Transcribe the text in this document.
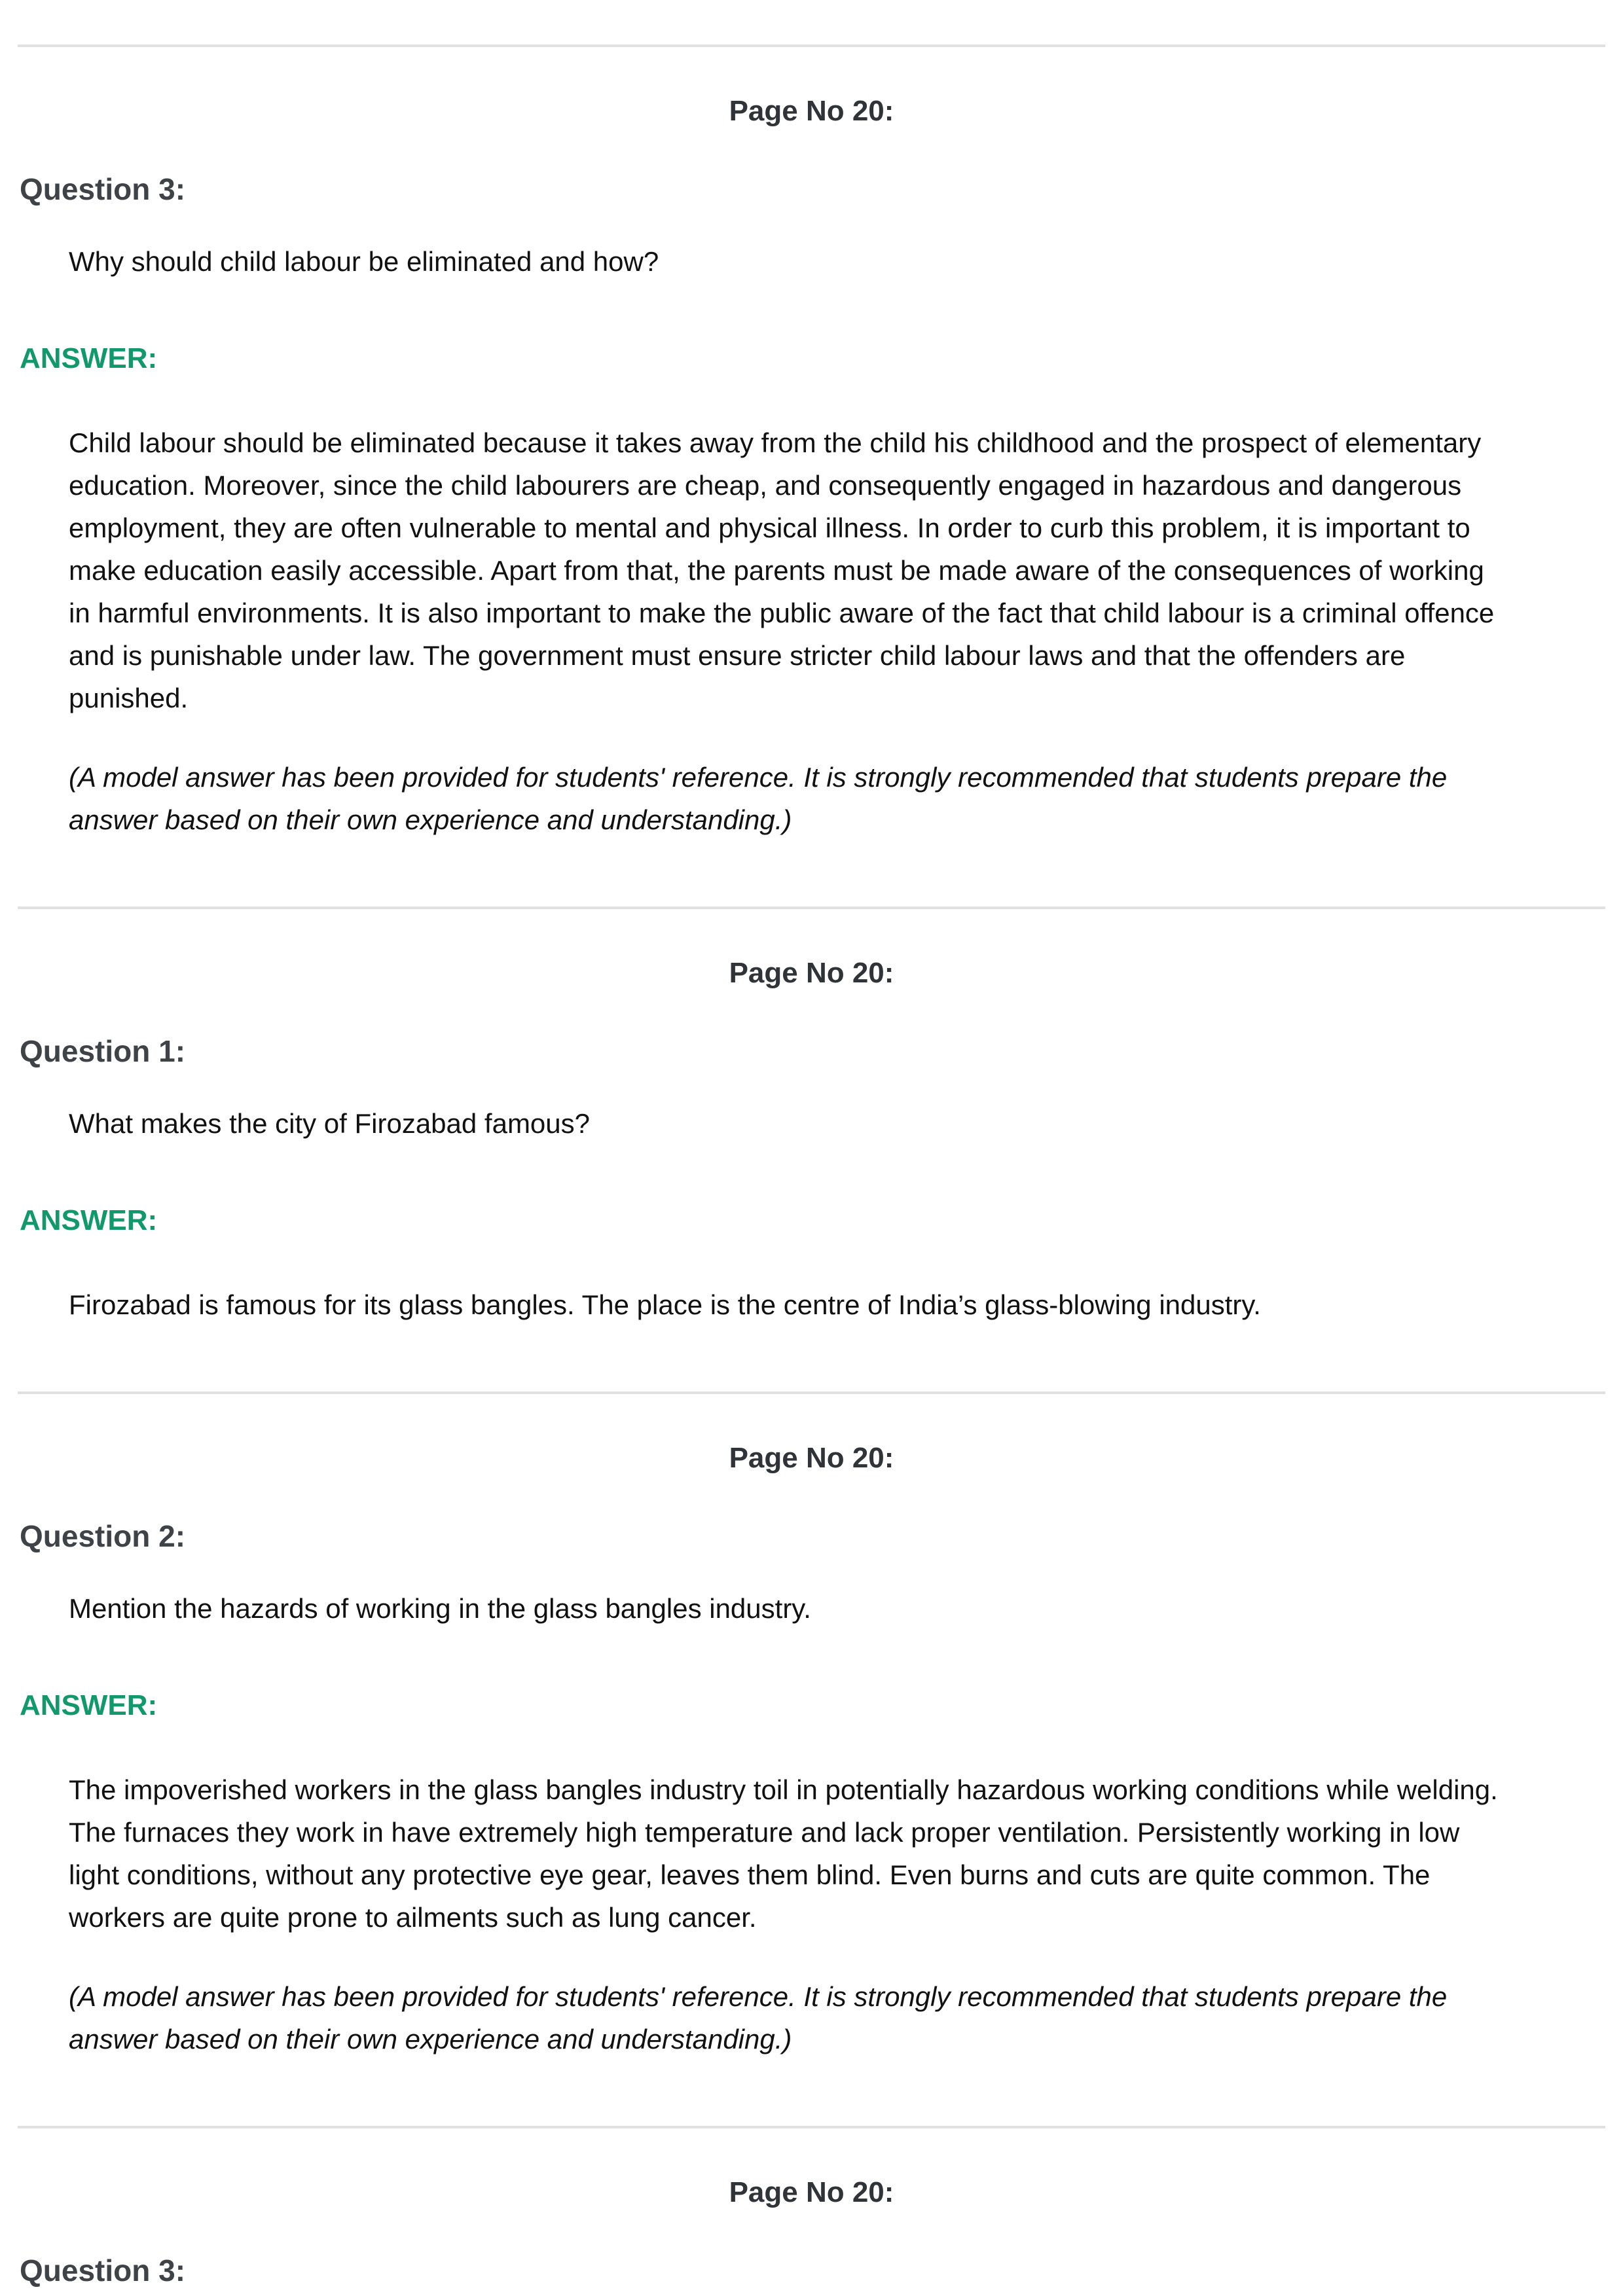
Page No 20:
Question 3:

Why should child labour be eliminated and how?

ANSWER:

Child labour should be eliminated because it takes away from the child his childhood and the prospect of elementary education. Moreover, since the child labourers are cheap, and consequently engaged in hazardous and dangerous employment, they are often vulnerable to mental and physical illness. In order to curb this problem, it is important to make education easily accessible. Apart from that, the parents must be made aware of the consequences of working in harmful environments. It is also important to make the public aware of the fact that child labour is a criminal offence and is punishable under law. The government must ensure stricter child labour laws and that the offenders are punished.

(A model answer has been provided for students' reference. It is strongly recommended that students prepare the answer based on their own experience and understanding.)

Page No 20:
Question 1:

What makes the city of Firozabad famous?

ANSWER:

Firozabad is famous for its glass bangles. The place is the centre of India’s glass-blowing industry.

Page No 20:
Question 2:

Mention the hazards of working in the glass bangles industry.

ANSWER:

The impoverished workers in the glass bangles industry toil in potentially hazardous working conditions while welding. The furnaces they work in have extremely high temperature and lack proper ventilation. Persistently working in low light conditions, without any protective eye gear, leaves them blind. Even burns and cuts are quite common. The workers are quite prone to ailments such as lung cancer.

(A model answer has been provided for students' reference. It is strongly recommended that students prepare the answer based on their own experience and understanding.)

Page No 20:
Question 3:
